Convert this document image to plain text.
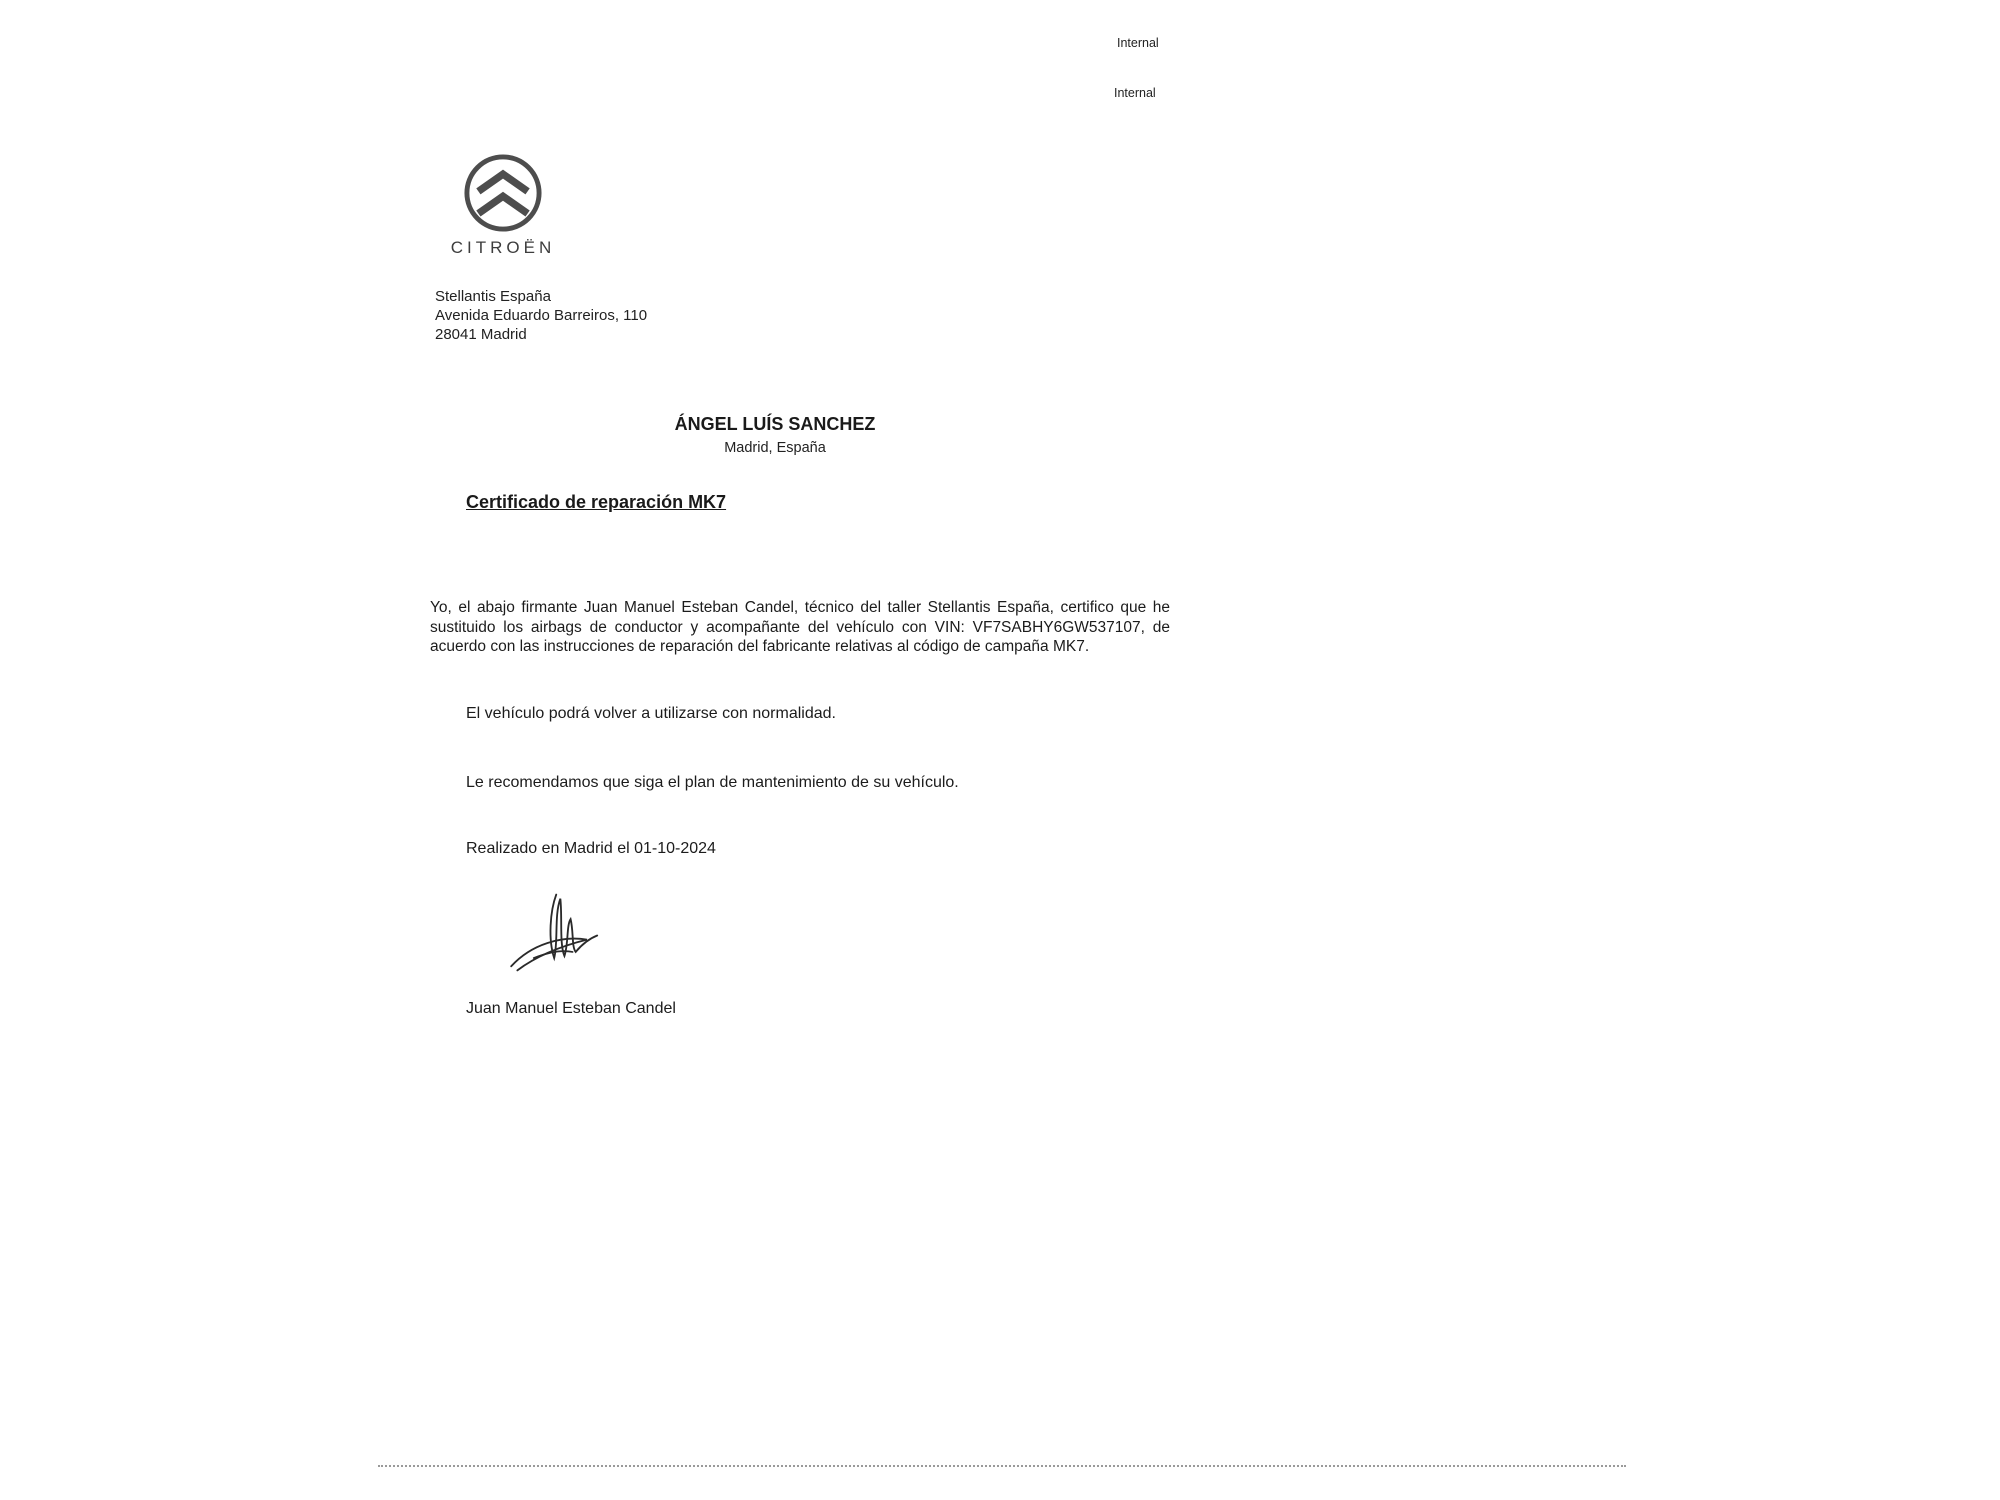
Internal
Internal
CITROËN
Stellantis España
Avenida Eduardo Barreiros, 110
28041 Madrid
ÁNGEL LUÍS SANCHEZ
Madrid, España
Certificado de reparación MK7

Yo, el abajo firmante Juan Manuel Esteban Candel, técnico del taller Stellantis España, certifico que he sustituido los airbags de conductor y acompañante del vehículo con VIN: VF7SABHY6GW537107, de acuerdo con las instrucciones de reparación del fabricante relativas al código de campaña MK7.

El vehículo podrá volver a utilizarse con normalidad.
Le recomendamos que siga el plan de mantenimiento de su vehículo.
Realizado en Madrid el 01-10-2024
Juan Manuel Esteban Candel
